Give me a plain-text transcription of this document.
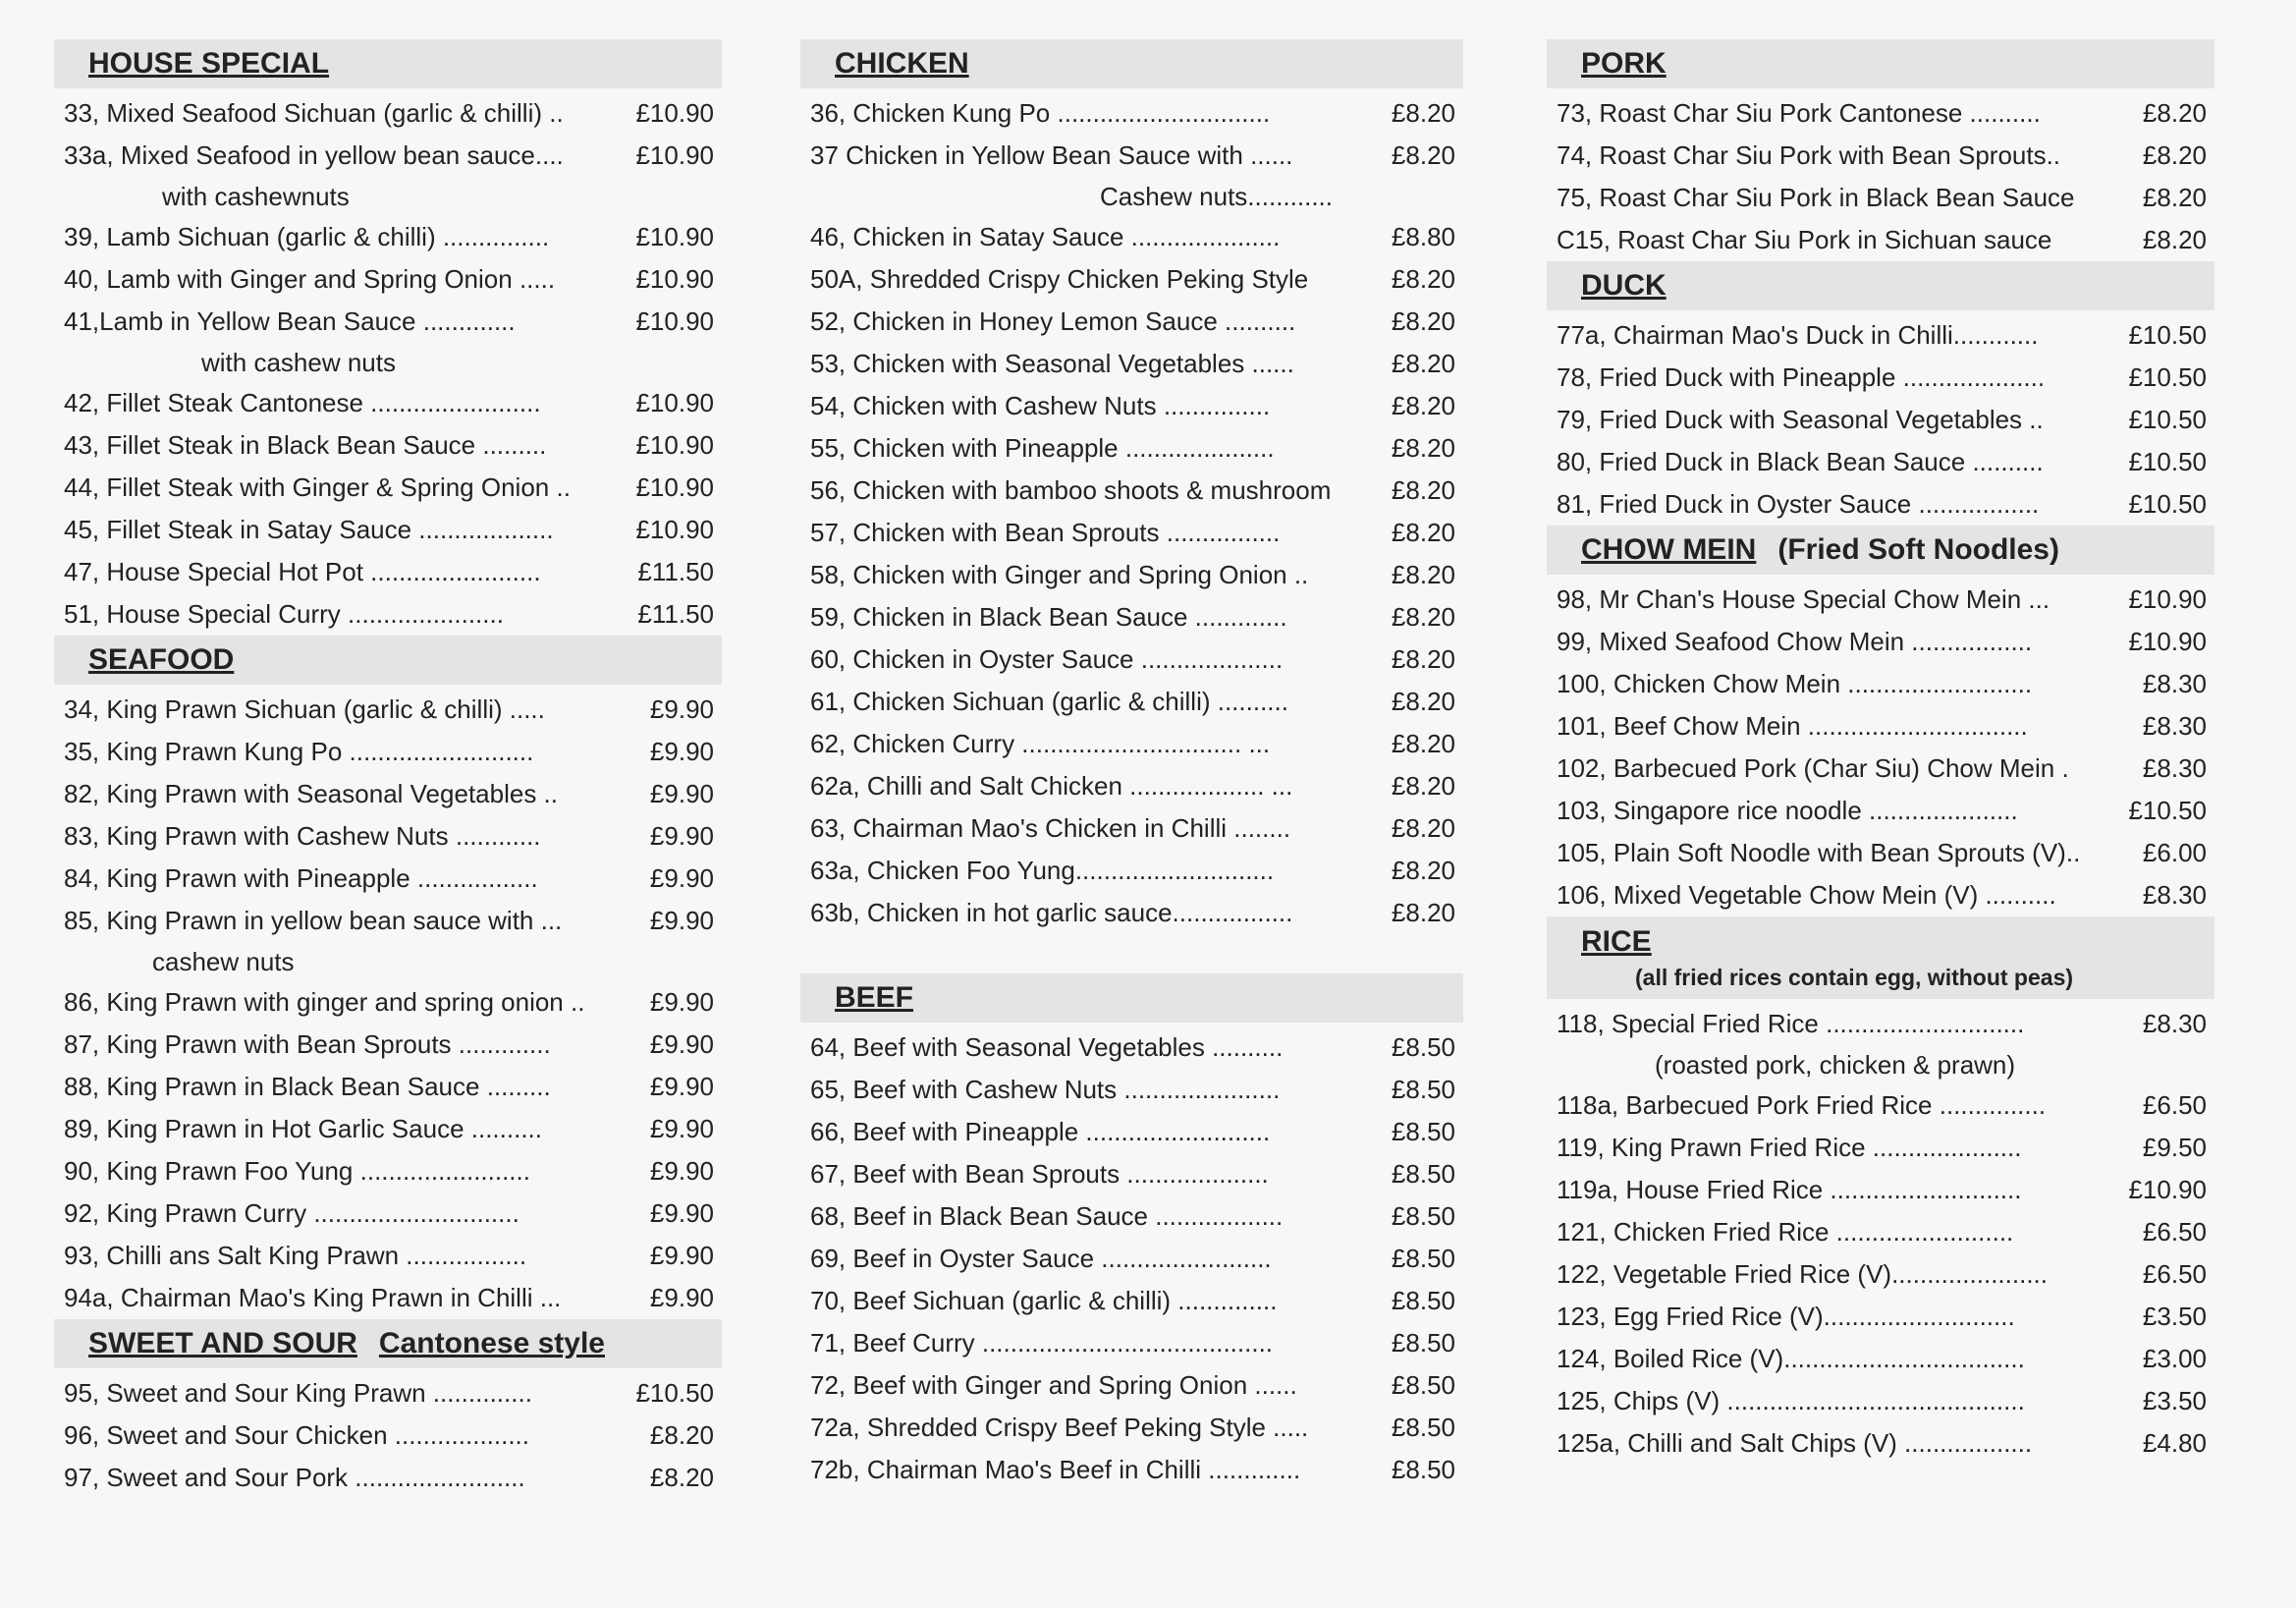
HOUSE SPECIAL
33, Mixed Seafood Sichuan (garlic & chilli) ..	£10.90
33a, Mixed Seafood in yellow bean sauce....	£10.90
with cashewnuts
39, Lamb Sichuan (garlic & chilli) ...............	£10.90
40, Lamb with Ginger and Spring Onion .....	£10.90
41,Lamb in Yellow Bean Sauce .............	£10.90
with cashew nuts
42, Fillet Steak Cantonese ........................	£10.90
43, Fillet Steak in Black Bean Sauce .........	£10.90
44, Fillet Steak with Ginger & Spring Onion ..	£10.90
45, Fillet Steak in Satay Sauce ...................	£10.90
47, House Special Hot Pot ........................	£11.50
51, House Special Curry ......................	£11.50
SEAFOOD
34, King Prawn Sichuan (garlic & chilli) .....	£9.90
35, King Prawn Kung Po ..........................	£9.90
82, King Prawn with Seasonal Vegetables ..	£9.90
83, King Prawn with Cashew Nuts ............	£9.90
84, King Prawn with Pineapple .................	£9.90
85, King Prawn in yellow bean sauce with ...	£9.90
cashew nuts
86, King Prawn with ginger and spring onion ..	£9.90
87, King Prawn with Bean Sprouts .............	£9.90
88, King Prawn in Black Bean Sauce .........	£9.90
89, King Prawn in Hot Garlic Sauce ..........	£9.90
90, King Prawn Foo Yung ........................	£9.90
92, King Prawn Curry .............................	£9.90
93, Chilli ans Salt King Prawn .................	£9.90
94a, Chairman Mao's King Prawn in Chilli ...	£9.90
SWEET AND SOUR Cantonese style
95, Sweet and Sour King Prawn ..............	£10.50
96, Sweet and Sour Chicken ...................	£8.20
97, Sweet and Sour Pork ........................	£8.20
CHICKEN
36, Chicken Kung Po ..............................	£8.20
37 Chicken in Yellow Bean Sauce with ......	£8.20
Cashew nuts............
46, Chicken in Satay Sauce .....................	£8.80
50A, Shredded Crispy Chicken Peking Style	£8.20
52, Chicken in Honey Lemon Sauce ..........	£8.20
53, Chicken with Seasonal Vegetables ......	£8.20
54, Chicken with Cashew Nuts ...............	£8.20
55, Chicken with Pineapple .....................	£8.20
56, Chicken with bamboo shoots & mushroom	£8.20
57, Chicken with Bean Sprouts ................	£8.20
58, Chicken with Ginger and Spring Onion ..	£8.20
59, Chicken in Black Bean Sauce .............	£8.20
60, Chicken in Oyster Sauce ....................	£8.20
61, Chicken Sichuan (garlic & chilli) ..........	£8.20
62, Chicken Curry ............................... ...	£8.20
62a, Chilli and Salt Chicken ................... ...	£8.20
63, Chairman Mao's Chicken in Chilli ........	£8.20
63a, Chicken Foo Yung............................	£8.20
63b, Chicken in hot garlic sauce.................	£8.20
BEEF
64, Beef with Seasonal Vegetables ..........	£8.50
65, Beef with Cashew Nuts ......................	£8.50
66, Beef with Pineapple ..........................	£8.50
67, Beef with Bean Sprouts ....................	£8.50
68, Beef in Black Bean Sauce ..................	£8.50
69, Beef in Oyster Sauce ........................	£8.50
70, Beef Sichuan (garlic & chilli) ..............	£8.50
71, Beef Curry .........................................	£8.50
72, Beef with Ginger and Spring Onion ......	£8.50
72a, Shredded Crispy Beef Peking Style .....	£8.50
72b, Chairman Mao's Beef in Chilli .............	£8.50
PORK
73, Roast Char Siu Pork Cantonese ..........	£8.20
74, Roast Char Siu Pork with Bean Sprouts..	£8.20
75, Roast Char Siu Pork in Black Bean Sauce	£8.20
C15, Roast Char Siu Pork in Sichuan sauce	£8.20
DUCK
77a, Chairman Mao's Duck in Chilli............	£10.50
78, Fried Duck with Pineapple ....................	£10.50
79, Fried Duck with Seasonal Vegetables ..	£10.50
80, Fried Duck in Black Bean Sauce ..........	£10.50
81, Fried Duck in Oyster Sauce .................	£10.50
CHOW MEIN (Fried Soft Noodles)
98, Mr Chan's House Special Chow Mein ...	£10.90
99, Mixed Seafood Chow Mein .................	£10.90
100, Chicken Chow Mein ..........................	£8.30
101, Beef Chow Mein ...............................	£8.30
102, Barbecued Pork (Char Siu) Chow Mein .	£8.30
103, Singapore rice noodle .....................	£10.50
105, Plain Soft Noodle with Bean Sprouts (V)..	£6.00
106, Mixed Vegetable Chow Mein (V) ..........	£8.30
RICE
(all fried rices contain egg, without peas)
118, Special Fried Rice ............................	£8.30
(roasted pork, chicken & prawn)
118a, Barbecued Pork Fried Rice ...............	£6.50
119, King Prawn Fried Rice .....................	£9.50
119a, House Fried Rice ...........................	£10.90
121, Chicken Fried Rice .........................	£6.50
122, Vegetable Fried Rice (V)......................	£6.50
123, Egg Fried Rice (V)...........................	£3.50
124, Boiled Rice (V)..................................	£3.00
125, Chips (V) ..........................................	£3.50
125a, Chilli and Salt Chips (V) ..................	£4.80
